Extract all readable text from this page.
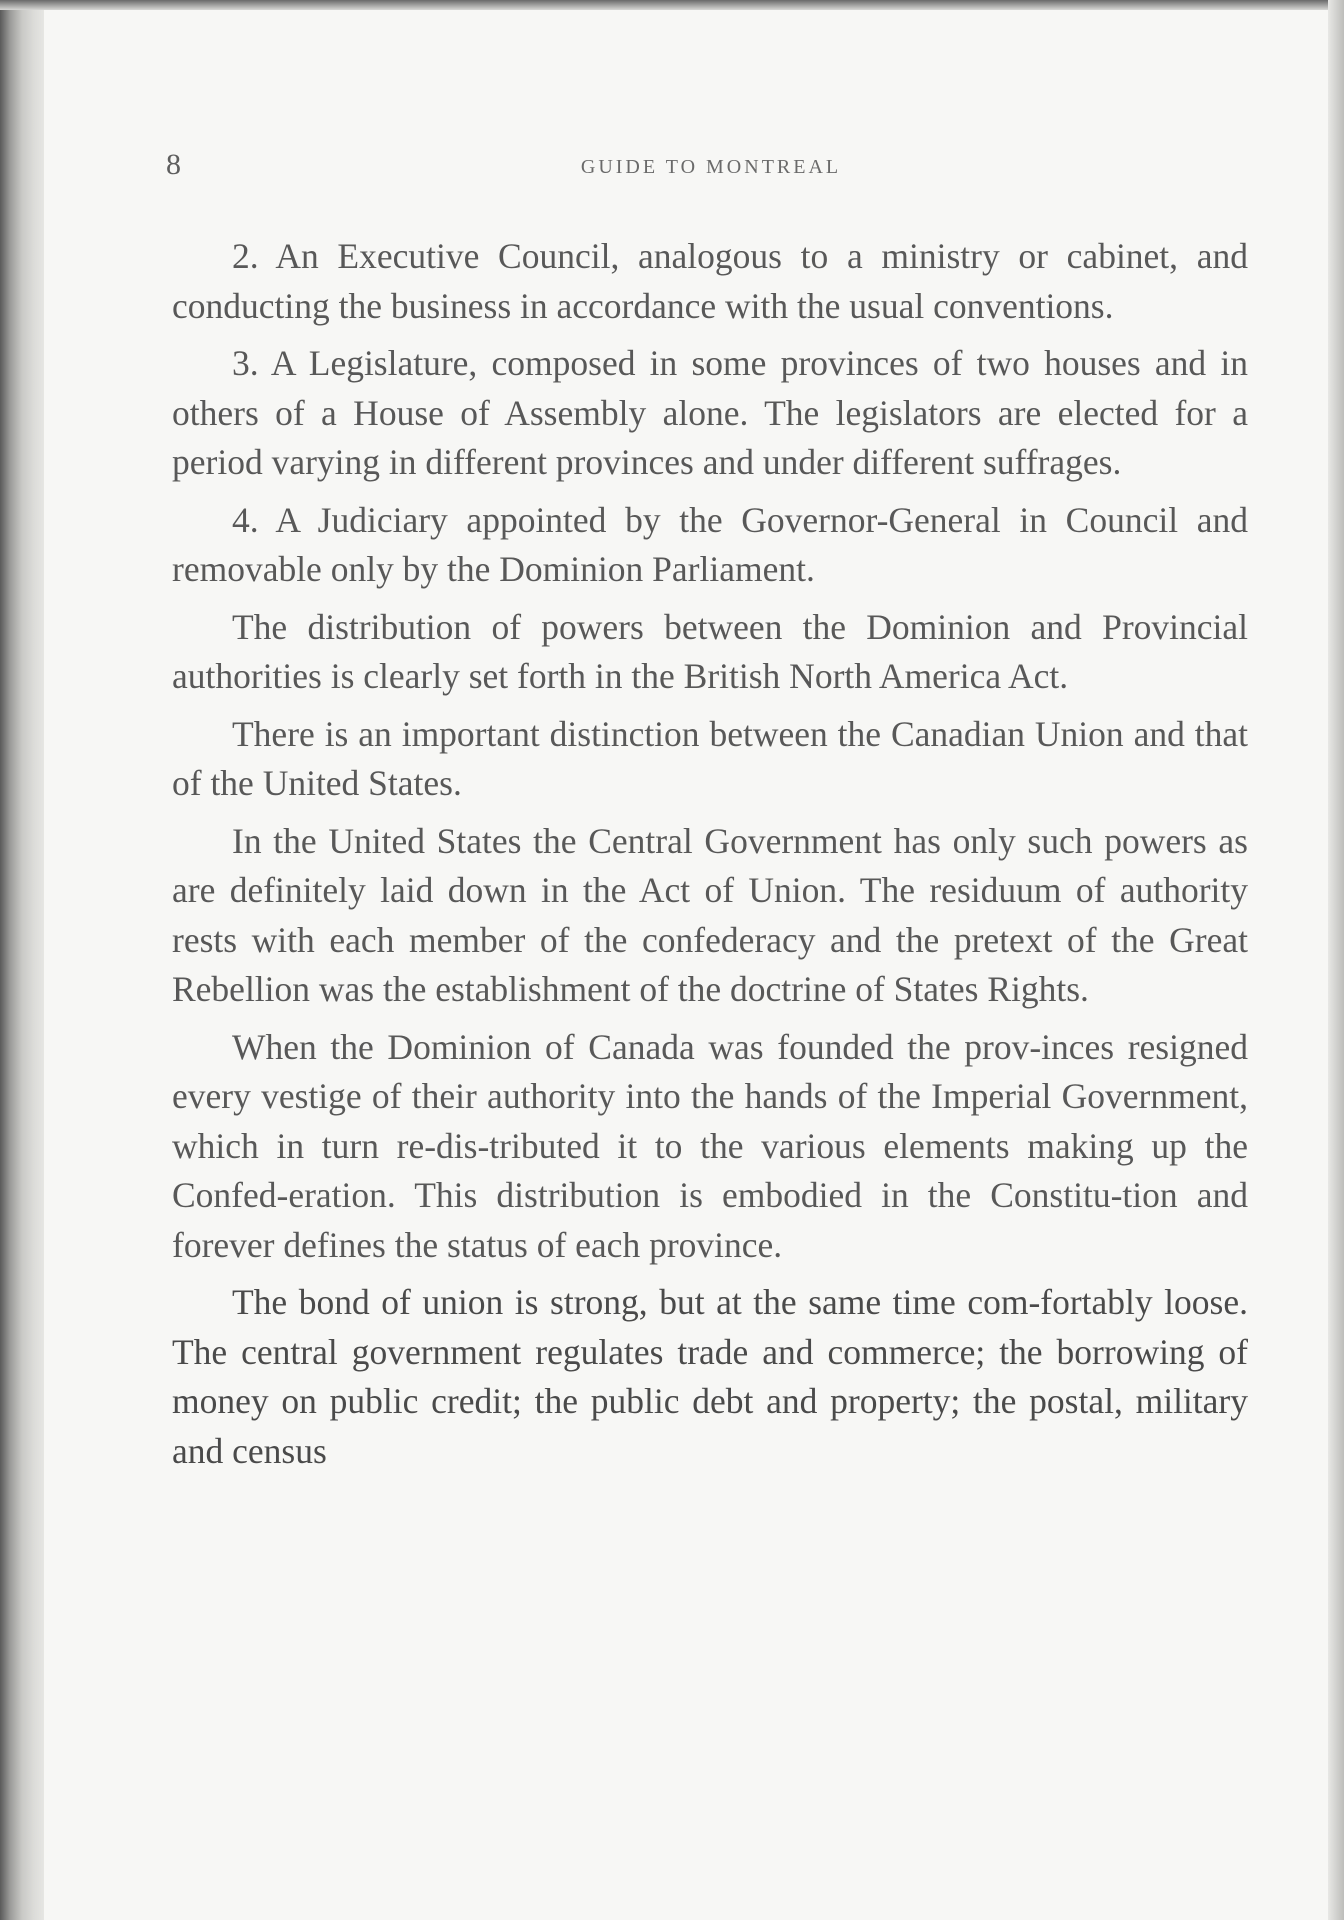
8	GUIDE TO MONTREAL

2. An Executive Council, analogous to a ministry or cabinet, and conducting the business in accordance with the usual conventions.

3. A Legislature, composed in some provinces of two houses and in others of a House of Assembly alone. The legislators are elected for a period varying in different provinces and under different suffrages.

4. A Judiciary appointed by the Governor-General in Council and removable only by the Dominion Parliament.

The distribution of powers between the Dominion and Provincial authorities is clearly set forth in the British North America Act.

There is an important distinction between the Canadian Union and that of the United States.

In the United States the Central Government has only such powers as are definitely laid down in the Act of Union. The residuum of authority rests with each member of the confederacy and the pretext of the Great Rebellion was the establishment of the doctrine of States Rights.

When the Dominion of Canada was founded the prov-inces resigned every vestige of their authority into the hands of the Imperial Government, which in turn re-dis-tributed it to the various elements making up the Confed-eration. This distribution is embodied in the Constitu-tion and forever defines the status of each province.

The bond of union is strong, but at the same time com-fortably loose. The central government regulates trade and commerce; the borrowing of money on public credit; the public debt and property; the postal, military and census
